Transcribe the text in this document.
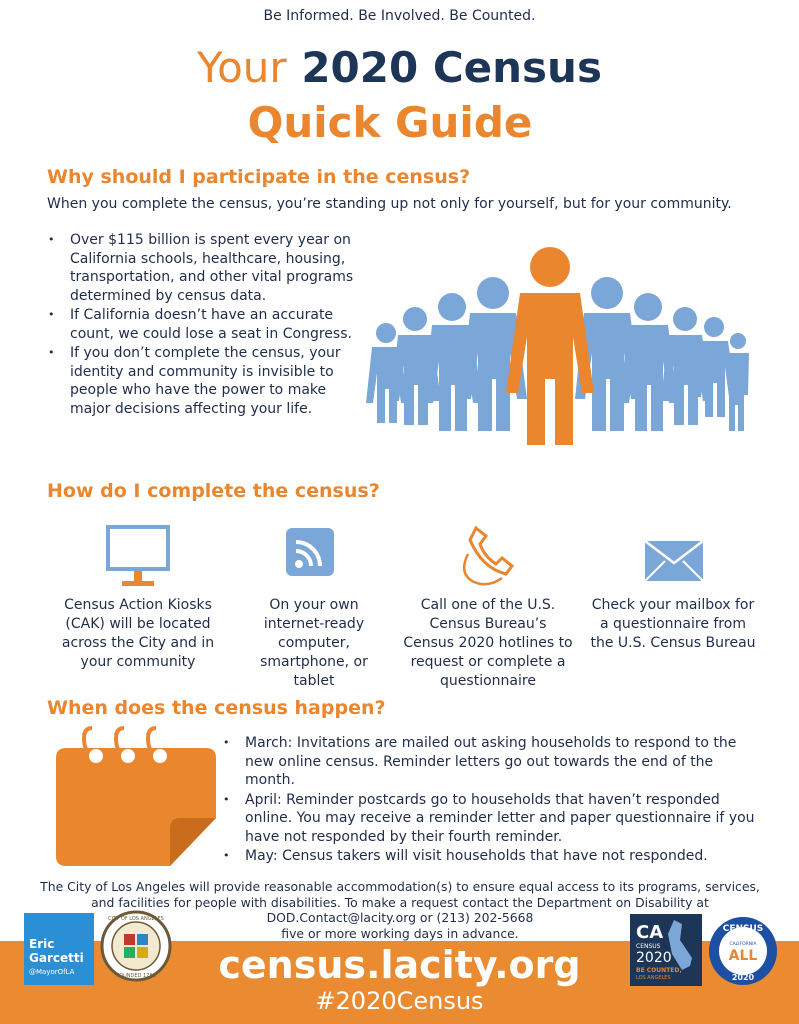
Be Informed. Be Involved. Be Counted.
Your 2020 Census
Quick Guide
Why should I participate in the census?
When you complete the census, you’re standing up not only for yourself, but for your community.
• Over $115 billion is spent every year on California schools, healthcare, housing, transportation, and other vital programs determined by census data.
• If California doesn’t have an accurate count, we could lose a seat in Congress.
• If you don’t complete the census, your identity and community is invisible to people who have the power to make major decisions affecting your life.
How do I complete the census?
Census Action Kiosks (CAK) will be located across the City and in your community
On your own internet-ready computer, smartphone, or tablet
Call one of the U.S. Census Bureau’s Census 2020 hotlines to request or complete a questionnaire
Check your mailbox for a questionnaire from the U.S. Census Bureau
When does the census happen?
• March: Invitations are mailed out asking households to respond to the new online census. Reminder letters go out towards the end of the month.
• April: Reminder postcards go to households that haven’t responded online. You may receive a reminder letter and paper questionnaire if you have not responded by their fourth reminder.
• May: Census takers will visit households that have not responded.
The City of Los Angeles will provide reasonable accommodation(s) to ensure equal access to its programs, services,
and facilities for people with disabilities. To make a request contact the Department on Disability at
DOD.Contact@lacity.org or (213) 202-5668
five or more working days in advance.
census.lacity.org
#2020Census
Eric
Garcetti
@MayorOfLA
CITY OF LOS ANGELES
FOUNDED 1781
CA
CENSUS
2020
BE COUNTED,
LOS ANGELES
CENSUS
CALIFORNIA
ALL
2020
